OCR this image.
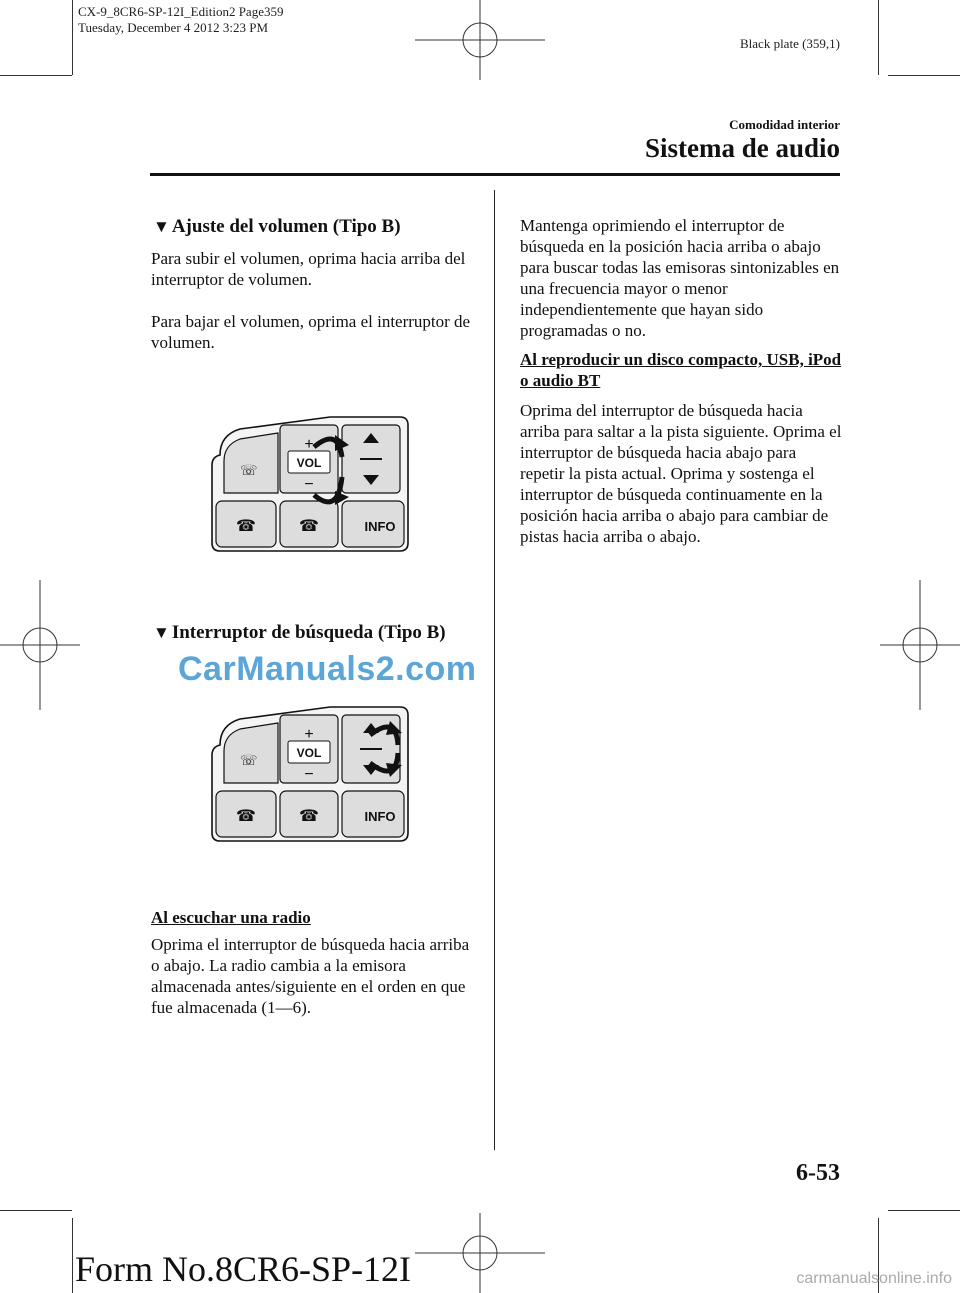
CX-9_8CR6-SP-12I_Edition2 Page359
Tuesday, December 4 2012 3:23 PM
Black plate (359,1)
Comodidad interior
Sistema de audio
▼ Ajuste del volumen (Tipo B)

Para subir el volumen, oprima hacia arriba del interruptor de volumen.

Para bajar el volumen, oprima el interruptor de volumen.

☏	VOL
+
−
☎	☎	INFO
▼ Interruptor de búsqueda (Tipo B)
CarManuals2.com
☏	VOL
+
−
☎	☎	INFO
Al escuchar una radio

Oprima el interruptor de búsqueda hacia arriba o abajo. La radio cambia a la emisora almacenada antes/siguiente en el orden en que fue almacenada (1―6).

Mantenga oprimiendo el interruptor de búsqueda en la posición hacia arriba o abajo para buscar todas las emisoras sintonizables en una frecuencia mayor o menor independientemente que hayan sido programadas o no.

Al reproducir un disco compacto, USB, iPod o audio BT

Oprima del interruptor de búsqueda hacia arriba para saltar a la pista siguiente. Oprima el interruptor de búsqueda hacia abajo para repetir la pista actual. Oprima y sostenga el interruptor de búsqueda continuamente en la posición hacia arriba o abajo para cambiar de pistas hacia arriba o abajo.

6-53
Form No.8CR6-SP-12I	carmanualsonline.info
